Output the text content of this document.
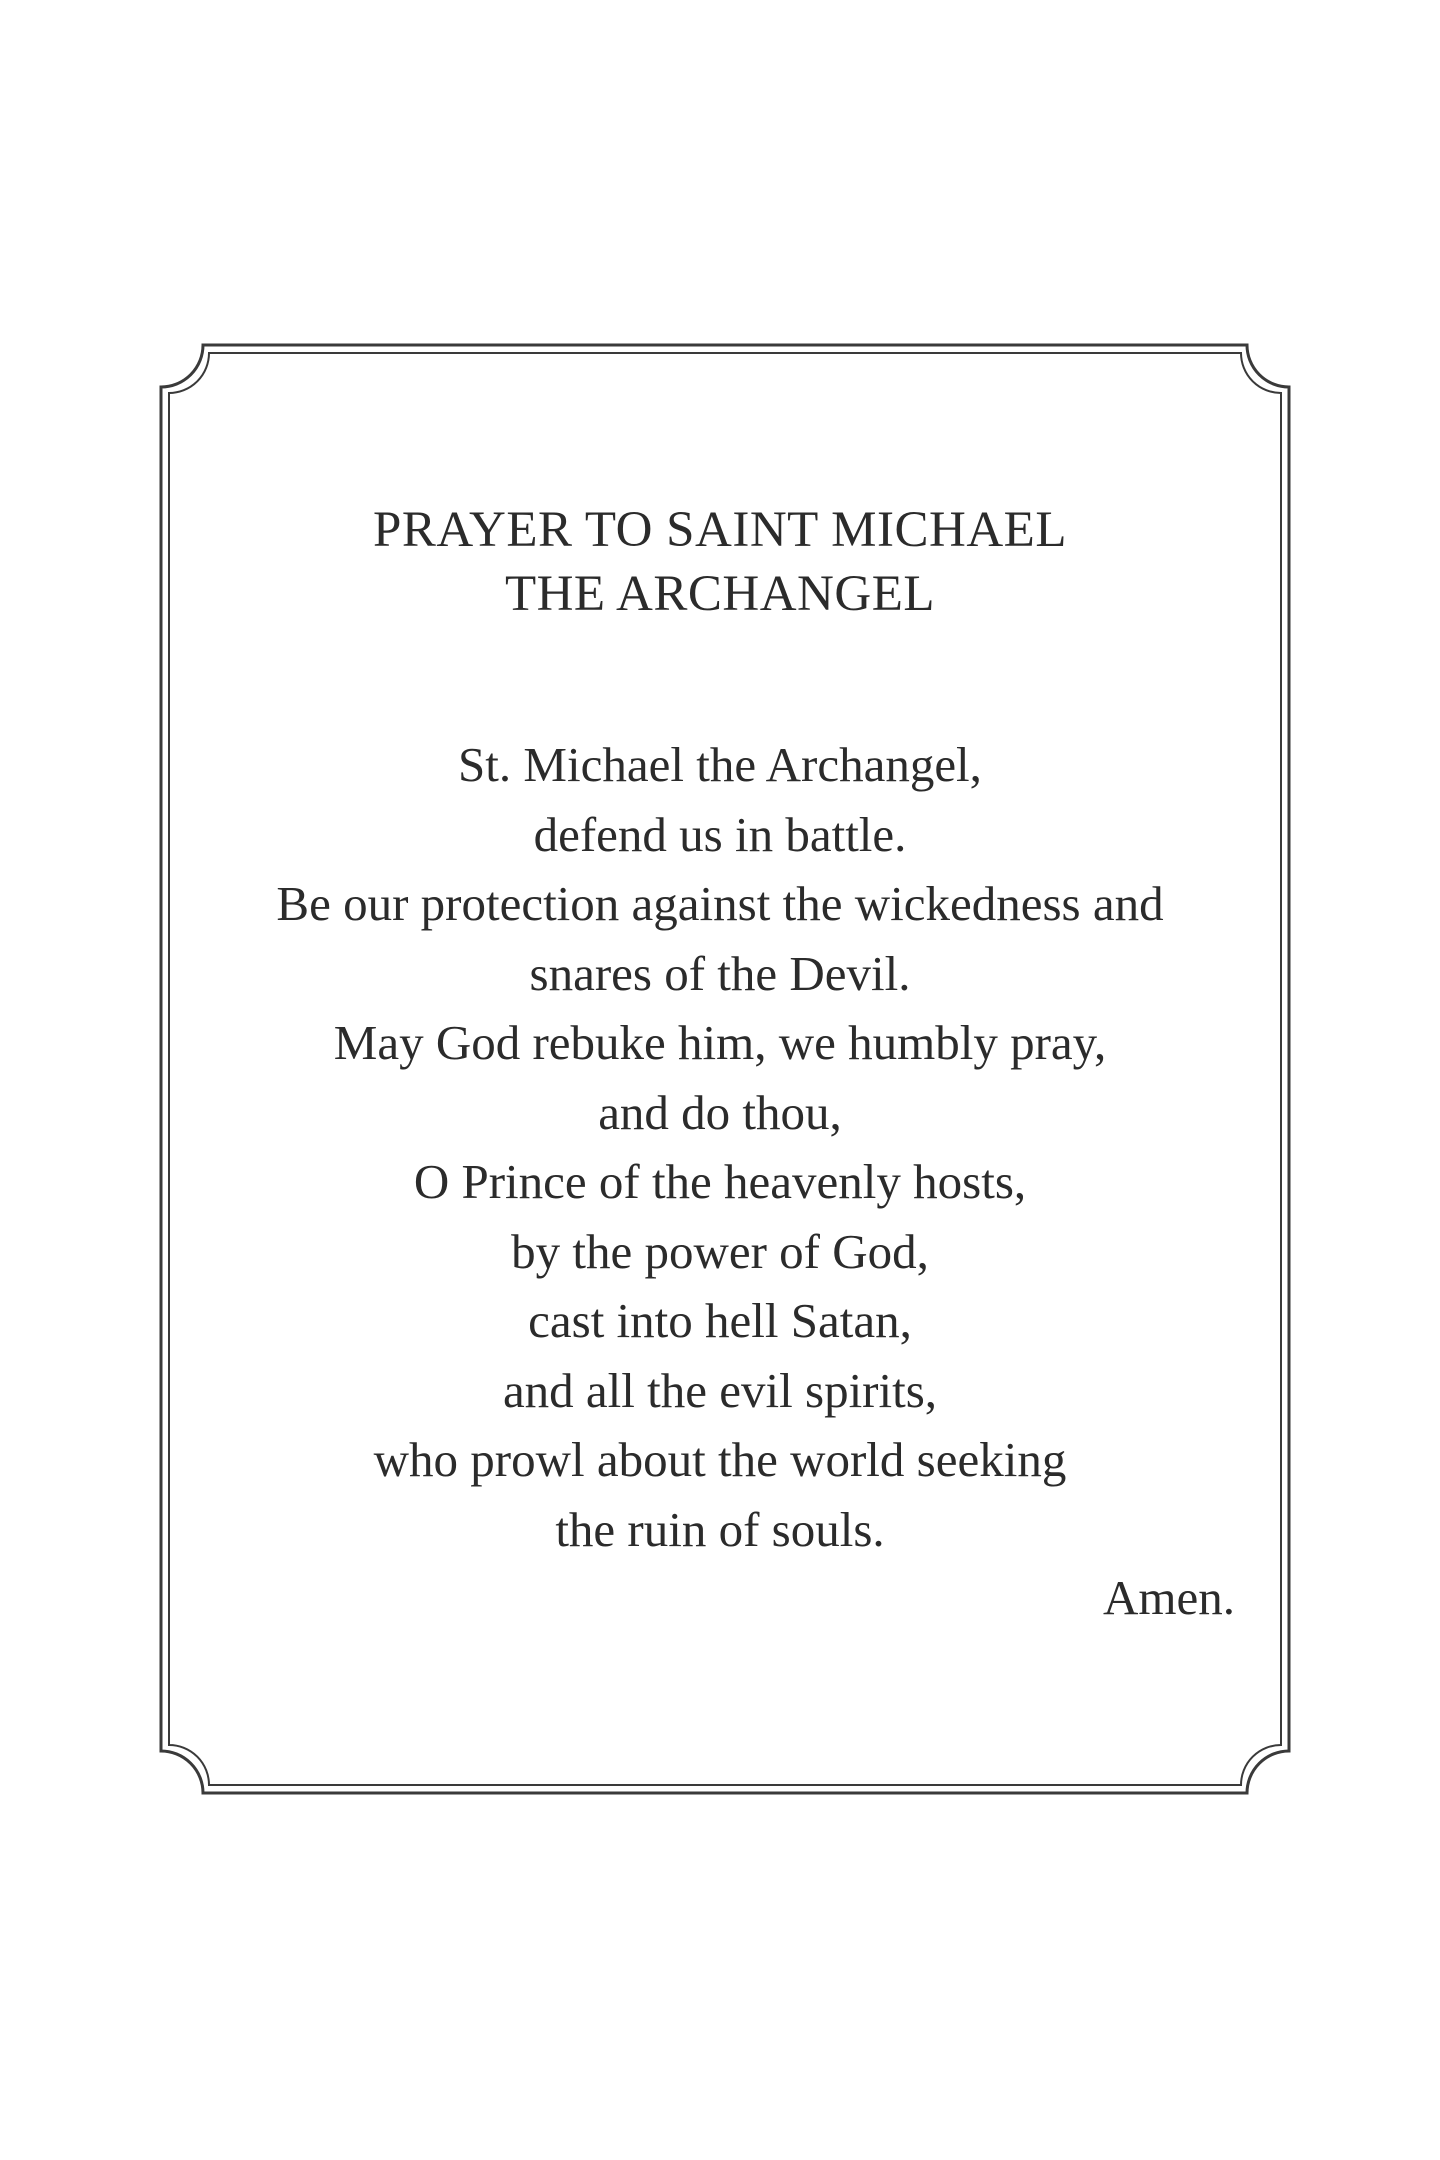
PRAYER TO SAINT MICHAEL
THE ARCHANGEL
St. Michael the Archangel,
defend us in battle.
Be our protection against the wickedness and
snares of the Devil.
May God rebuke him, we humbly pray,
and do thou,
O Prince of the heavenly hosts,
by the power of God,
cast into hell Satan,
and all the evil spirits,
who prowl about the world seeking
the ruin of souls.
Amen.
